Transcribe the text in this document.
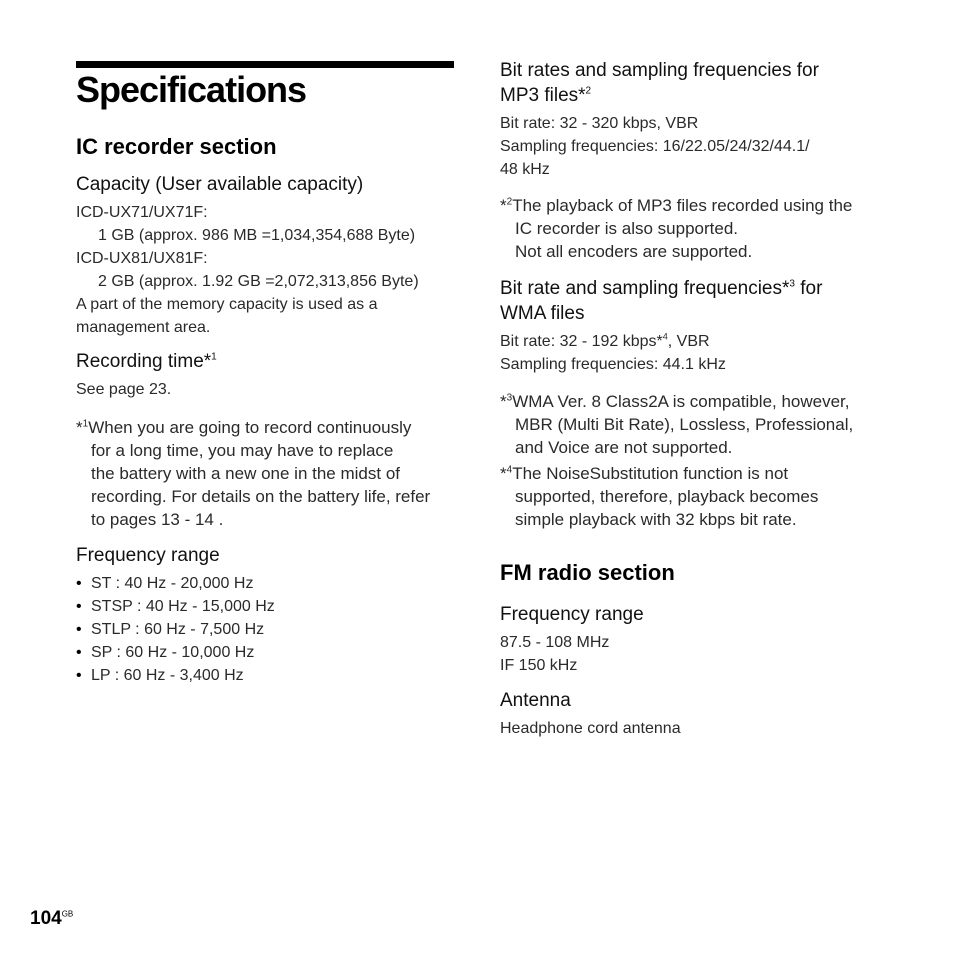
Specifications
IC recorder section
Capacity (User available capacity)
ICD-UX71/UX71F:
1 GB (approx. 986 MB =1,034,354,688 Byte)
ICD-UX81/UX81F:
2 GB (approx. 1.92 GB =2,072,313,856 Byte)
A part of the memory capacity is used as a
management area.
Recording time*$^1$
See page 23.
*$^1$When you are going to record continuously
for a long time, you may have to replace
the battery with a new one in the midst of
recording. For details on the battery life, refer
to pages 13 - 14 .
Frequency range
• ST : 40 Hz - 20,000 Hz
• STSP : 40 Hz - 15,000 Hz
• STLP : 60 Hz - 7,500 Hz
• SP : 60 Hz - 10,000 Hz
• LP : 60 Hz - 3,400 Hz
Bit rates and sampling frequencies for
MP3 files*$^2$
Bit rate: 32 - 320 kbps, VBR
Sampling frequencies: 16/22.05/24/32/44.1/
48 kHz
*$^2$The playback of MP3 files recorded using the
IC recorder is also supported.
Not all encoders are supported.
Bit rate and sampling frequencies*$^3$ for
WMA files
Bit rate: 32 - 192 kbps*$^4$, VBR
Sampling frequencies: 44.1 kHz
*$^3$WMA Ver. 8 Class2A is compatible, however,
MBR (Multi Bit Rate), Lossless, Professional,
and Voice are not supported.
*$^4$The NoiseSubstitution function is not
supported, therefore, playback becomes
simple playback with 32 kbps bit rate.
FM radio section
Frequency range
87.5 - 108 MHz
IF 150 kHz
Antenna
Headphone cord antenna
$104^{GB}$
